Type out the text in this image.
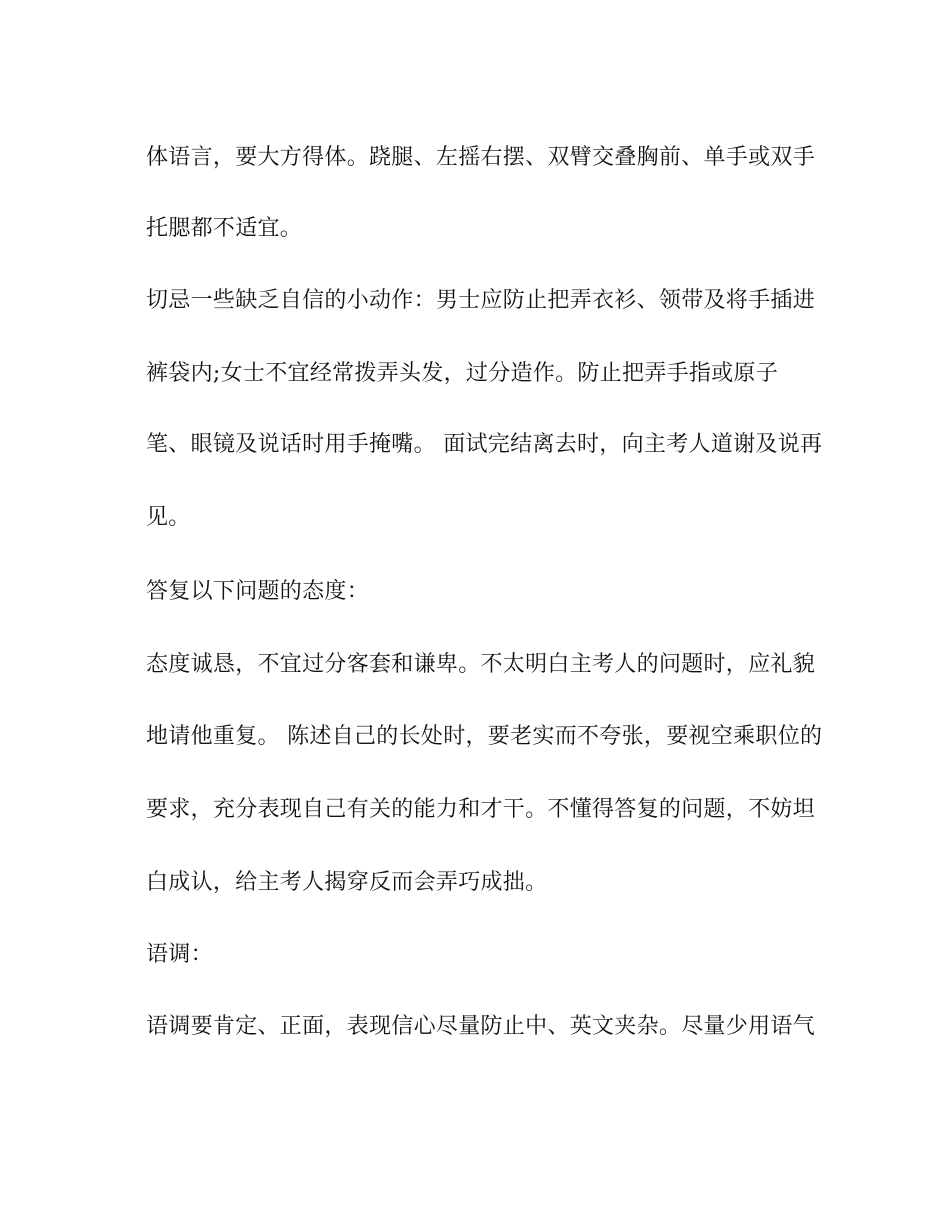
体语言，要大方得体。跷腿、左摇右摆、双臂交叠胸前、单手或双手
托腮都不适宜。
切忌一些缺乏自信的小动作：男士应防止把弄衣衫、领带及将手插进
裤袋内;女士不宜经常拨弄头发，过分造作。防止把弄手指或原子
笔、眼镜及说话时用手掩嘴。 面试完结离去时，向主考人道谢及说再
见。
答复以下问题的态度：
态度诚恳，不宜过分客套和谦卑。不太明白主考人的问题时，应礼貌
地请他重复。 陈述自己的长处时，要老实而不夸张，要视空乘职位的
要求，充分表现自己有关的能力和才干。不懂得答复的问题，不妨坦
白成认，给主考人揭穿反而会弄巧成拙。
语调：
语调要肯定、正面，表现信心尽量防止中、英文夹杂。尽量少用语气
